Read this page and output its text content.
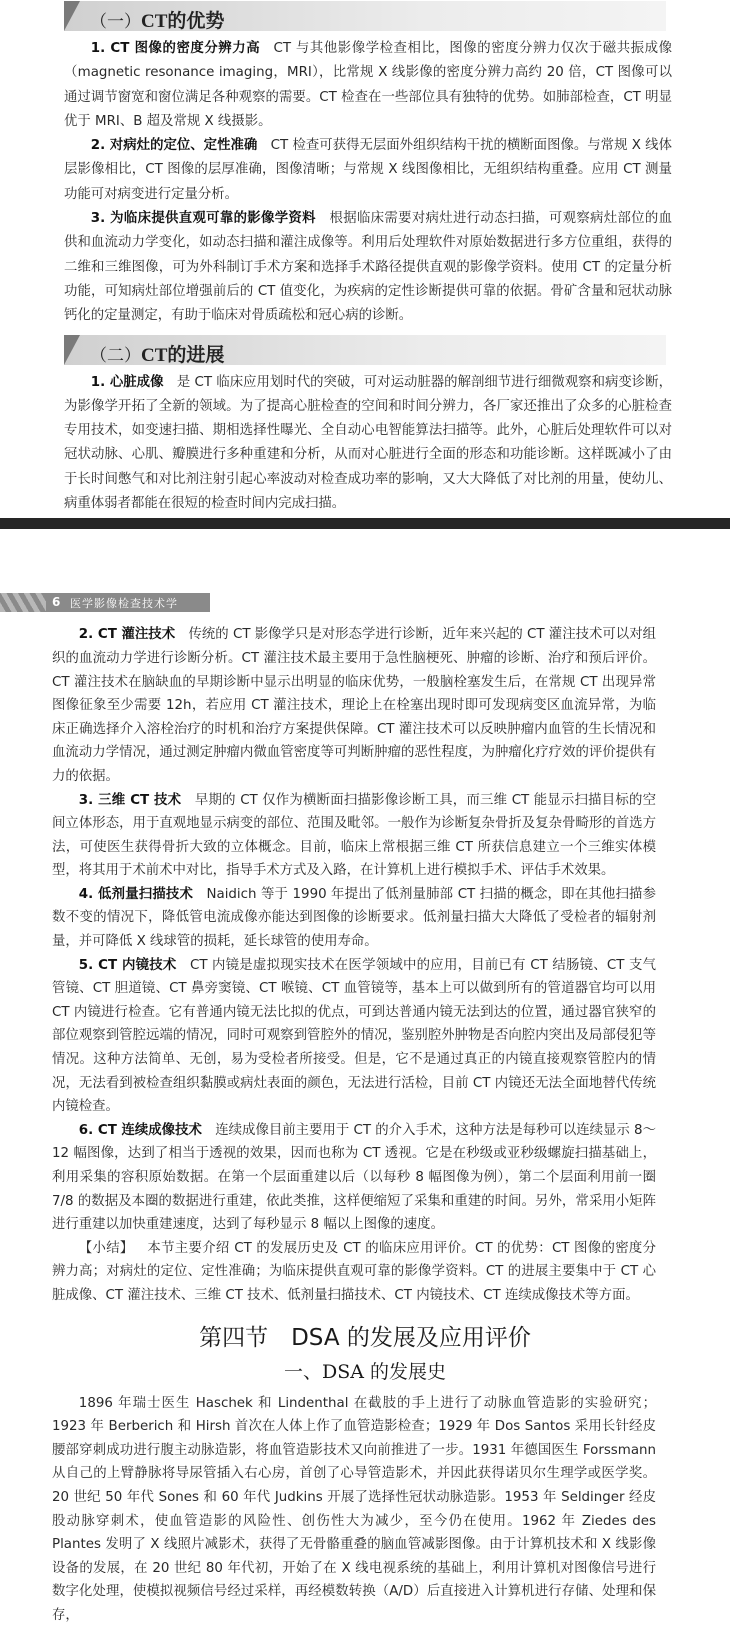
（一）CT的优势

1. CT 图像的密度分辨力高 CT 与其他影像学检查相比，图像的密度分辨力仅次于磁共振成像（magnetic resonance imaging，MRI），比常规 X 线影像的密度分辨力高约 20 倍，CT 图像可以通过调节窗宽和窗位满足各种观察的需要。CT 检查在一些部位具有独特的优势。如肺部检查，CT 明显优于 MRI、B 超及常规 X 线摄影。

2. 对病灶的定位、定性准确 CT 检查可获得无层面外组织结构干扰的横断面图像。与常规 X 线体层影像相比，CT 图像的层厚准确，图像清晰；与常规 X 线图像相比，无组织结构重叠。应用 CT 测量功能可对病变进行定量分析。

3. 为临床提供直观可靠的影像学资料 根据临床需要对病灶进行动态扫描，可观察病灶部位的血供和血流动力学变化，如动态扫描和灌注成像等。利用后处理软件对原始数据进行多方位重组，获得的二维和三维图像，可为外科制订手术方案和选择手术路径提供直观的影像学资料。使用 CT 的定量分析功能，可知病灶部位增强前后的 CT 值变化，为疾病的定性诊断提供可靠的依据。骨矿含量和冠状动脉钙化的定量测定，有助于临床对骨质疏松和冠心病的诊断。

（二）CT的进展

1. 心脏成像 是 CT 临床应用划时代的突破，可对运动脏器的解剖细节进行细微观察和病变诊断，为影像学开拓了全新的领域。为了提高心脏检查的空间和时间分辨力，各厂家还推出了众多的心脏检查专用技术，如变速扫描、期相选择性曝光、全自动心电智能算法扫描等。此外，心脏后处理软件可以对冠状动脉、心肌、瓣膜进行多种重建和分析，从而对心脏进行全面的形态和功能诊断。这样既减小了由于长时间憋气和对比剂注射引起心率波动对检查成功率的影响，又大大降低了对比剂的用量，使幼儿、病重体弱者都能在很短的检查时间内完成扫描。

6 医学影像检查技术学

2. CT 灌注技术 传统的 CT 影像学只是对形态学进行诊断，近年来兴起的 CT 灌注技术可以对组织的血流动力学进行诊断分析。CT 灌注技术最主要用于急性脑梗死、肿瘤的诊断、治疗和预后评价。CT 灌注技术在脑缺血的早期诊断中显示出明显的临床优势，一般脑栓塞发生后，在常规 CT 出现异常图像征象至少需要 12h，若应用 CT 灌注技术，理论上在栓塞出现时即可发现病变区血流异常，为临床正确选择介入溶栓治疗的时机和治疗方案提供保障。CT 灌注技术可以反映肿瘤内血管的生长情况和血流动力学情况，通过测定肿瘤内微血管密度等可判断肿瘤的恶性程度，为肿瘤化疗疗效的评价提供有力的依据。

3. 三维 CT 技术 早期的 CT 仅作为横断面扫描影像诊断工具，而三维 CT 能显示扫描目标的空间立体形态，用于直观地显示病变的部位、范围及毗邻。一般作为诊断复杂骨折及复杂骨畸形的首选方法，可使医生获得骨折大致的立体概念。目前，临床上常根据三维 CT 所获信息建立一个三维实体模型，将其用于术前术中对比，指导手术方式及入路，在计算机上进行模拟手术、评估手术效果。

4. 低剂量扫描技术 Naidich 等于 1990 年提出了低剂量肺部 CT 扫描的概念，即在其他扫描参数不变的情况下，降低管电流成像亦能达到图像的诊断要求。低剂量扫描大大降低了受检者的辐射剂量，并可降低 X 线球管的损耗，延长球管的使用寿命。

5. CT 内镜技术 CT 内镜是虚拟现实技术在医学领域中的应用，目前已有 CT 结肠镜、CT 支气管镜、CT 胆道镜、CT 鼻旁窦镜、CT 喉镜、CT 血管镜等，基本上可以做到所有的管道器官均可以用 CT 内镜进行检查。它有普通内镜无法比拟的优点，可到达普通内镜无法到达的位置，通过器官狭窄的部位观察到管腔远端的情况，同时可观察到管腔外的情况，鉴别腔外肿物是否向腔内突出及局部侵犯等情况。这种方法简单、无创，易为受检者所接受。但是，它不是通过真正的内镜直接观察管腔内的情况，无法看到被检查组织黏膜或病灶表面的颜色，无法进行活检，目前 CT 内镜还无法全面地替代传统内镜检查。

6. CT 连续成像技术 连续成像目前主要用于 CT 的介入手术，这种方法是每秒可以连续显示 8～12 幅图像，达到了相当于透视的效果，因而也称为 CT 透视。它是在秒级或亚秒级螺旋扫描基础上，利用采集的容积原始数据。在第一个层面重建以后（以每秒 8 幅图像为例），第二个层面利用前一圈 7/8 的数据及本圈的数据进行重建，依此类推，这样便缩短了采集和重建的时间。另外，常采用小矩阵进行重建以加快重建速度，达到了每秒显示 8 幅以上图像的速度。

【小结】 本节主要介绍 CT 的发展历史及 CT 的临床应用评价。CT 的优势：CT 图像的密度分辨力高；对病灶的定位、定性准确；为临床提供直观可靠的影像学资料。CT 的进展主要集中于 CT 心脏成像、CT 灌注技术、三维 CT 技术、低剂量扫描技术、CT 内镜技术、CT 连续成像技术等方面。

第四节　DSA 的发展及应用评价
一、DSA 的发展史

1896 年瑞士医生 Haschek 和 Lindenthal 在截肢的手上进行了动脉血管造影的实验研究；1923 年 Berberich 和 Hirsh 首次在人体上作了血管造影检查；1929 年 Dos Santos 采用长针经皮腰部穿刺成功进行腹主动脉造影，将血管造影技术又向前推进了一步。1931 年德国医生 Forssmann 从自己的上臂静脉将导尿管插入右心房，首创了心导管造影术，并因此获得诺贝尔生理学或医学奖。20 世纪 50 年代 Sones 和 60 年代 Judkins 开展了选择性冠状动脉造影。1953 年 Seldinger 经皮股动脉穿刺术，使血管造影的风险性、创伤性大为减少，至今仍在使用。1962 年 Ziedes des Plantes 发明了 X 线照片减影术，获得了无骨骼重叠的脑血管减影图像。由于计算机技术和 X 线影像设备的发展，在 20 世纪 80 年代初，开始了在 X 线电视系统的基础上，利用计算机对图像信号进行数字化处理，使模拟视频信号经过采样，再经模数转换（A/D）后直接进入计算机进行存储、处理和保存，
